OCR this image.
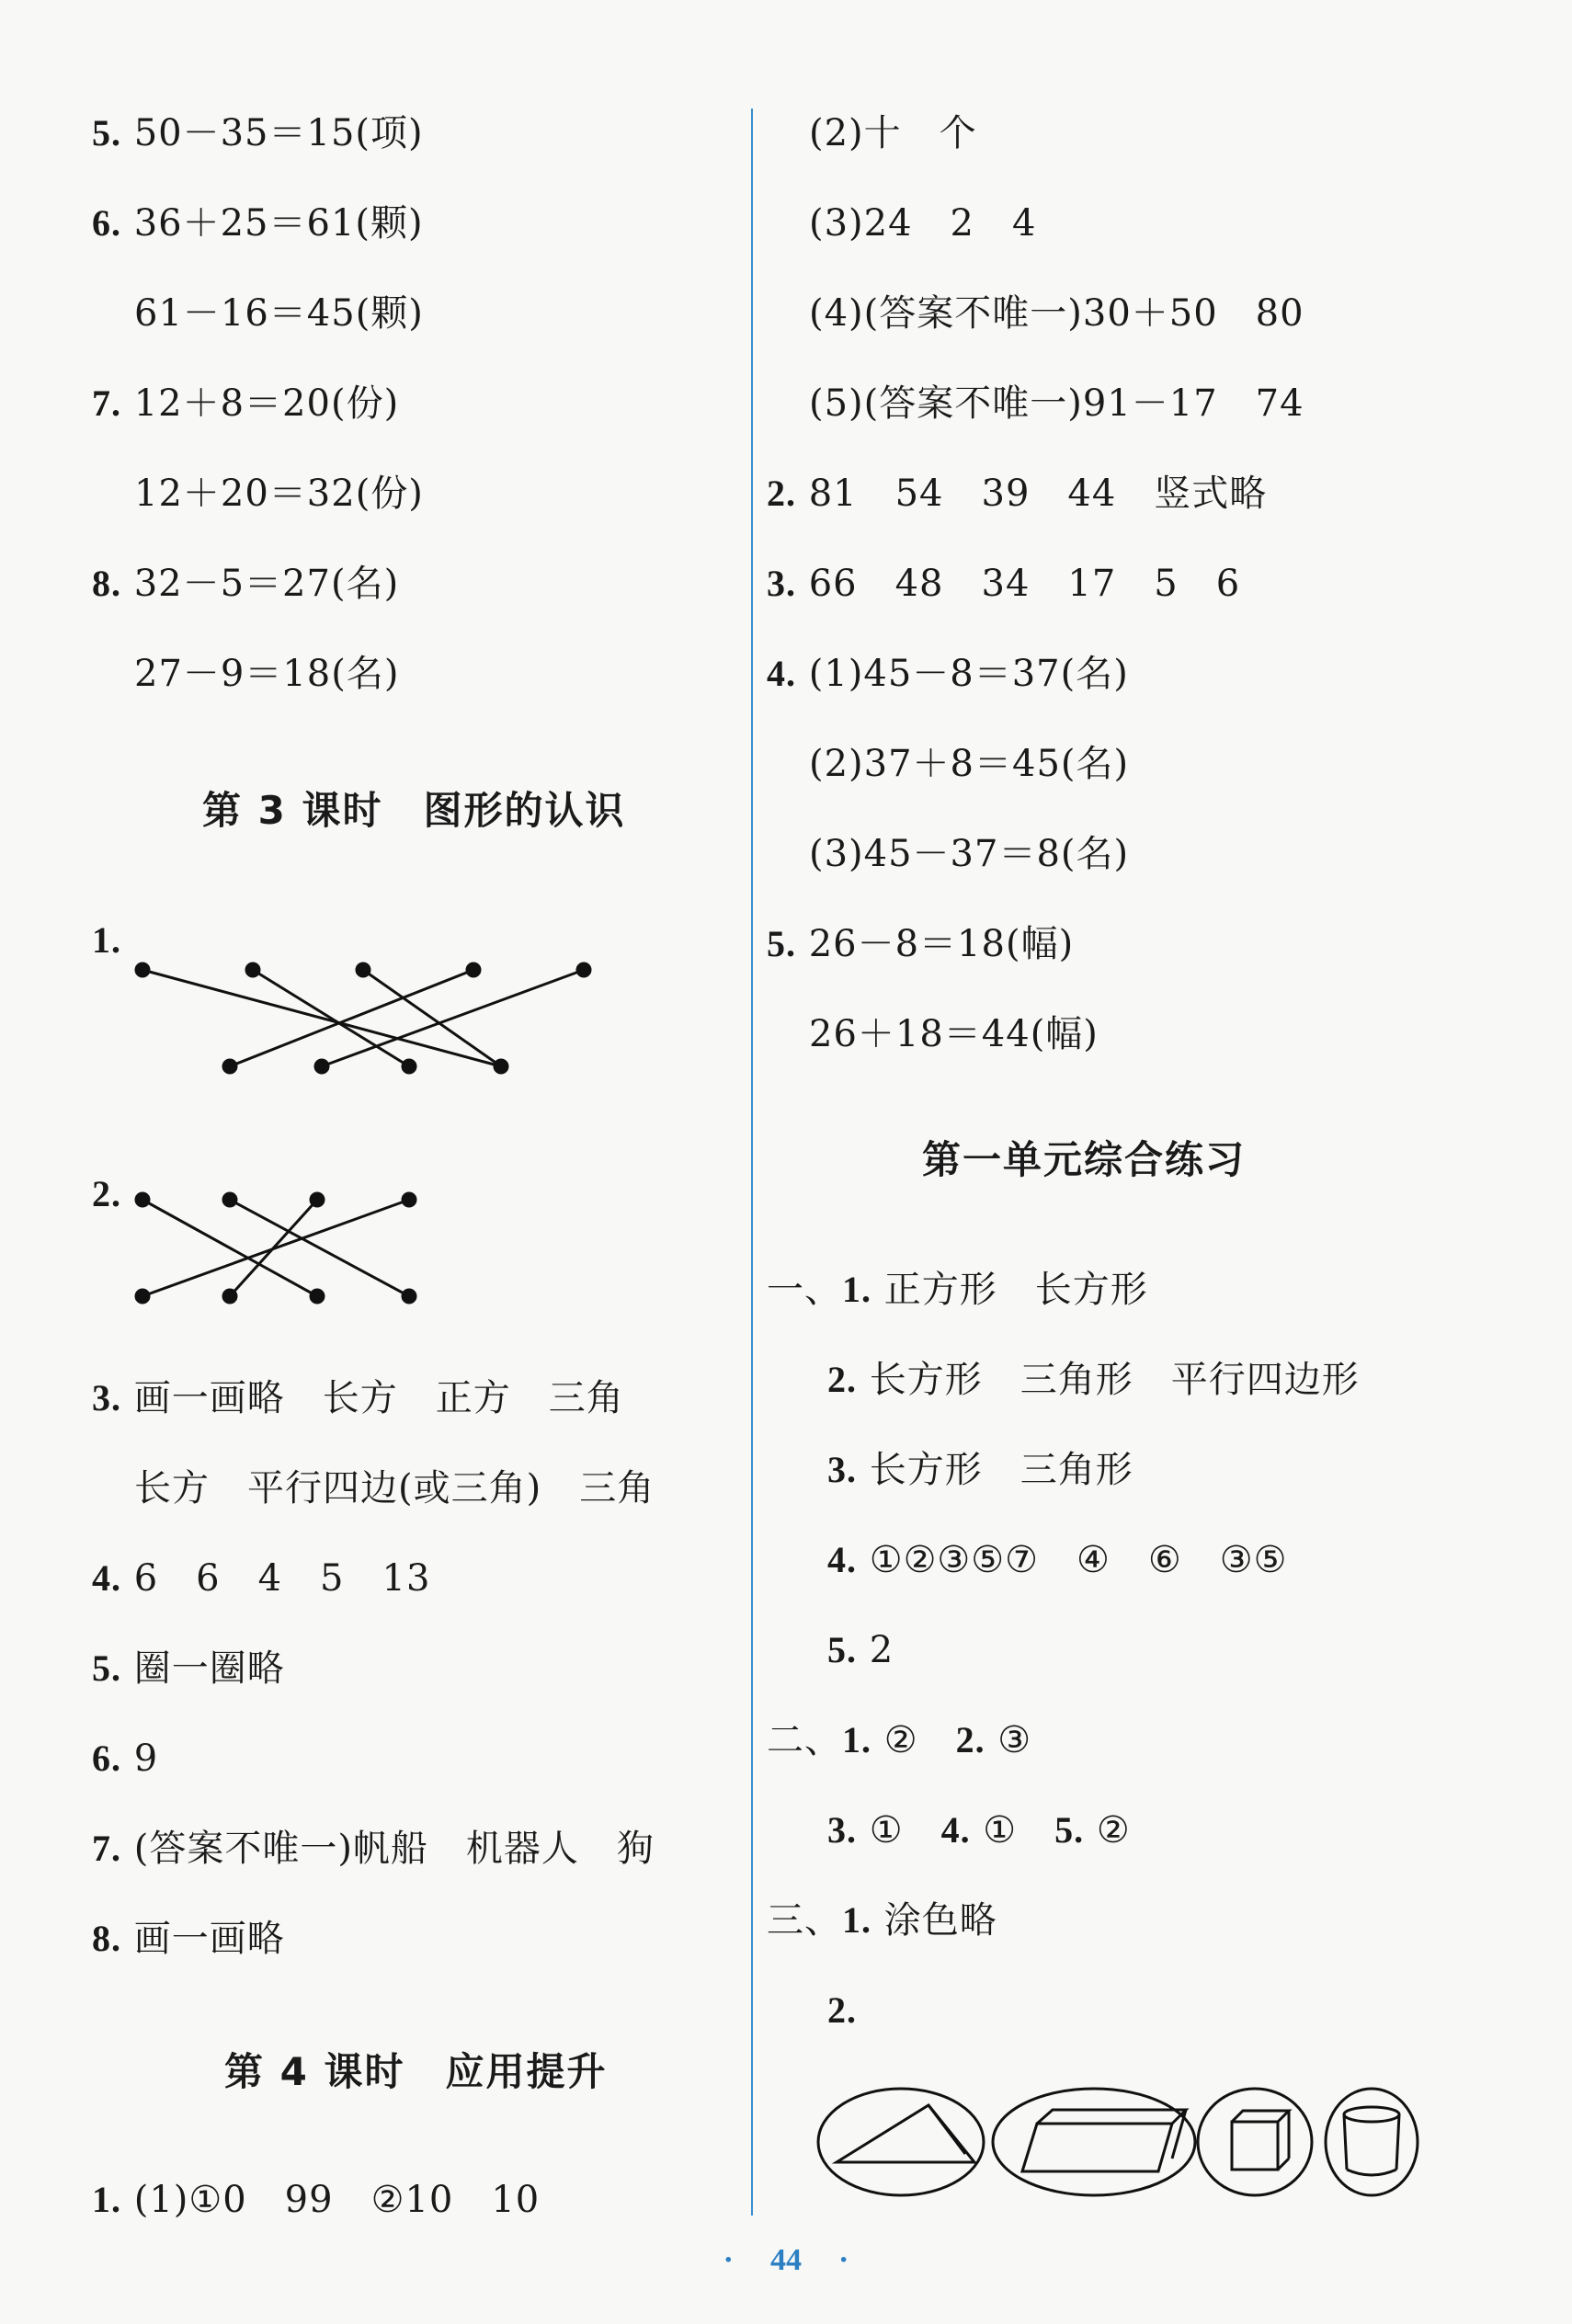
5. 50－35＝15(项)
6. 36＋25＝61(颗)
61－16＝45(颗)
7. 12＋8＝20(份)
12＋20＝32(份)
8. 32－5＝27(名)
27－9＝18(名)
第 3 课时　图形的认识
1.
2.
3. 画一画略　长方　正方　三角
长方　平行四边(或三角)　三角
4. 6　6　4　5　13
5. 圈一圈略
6. 9
7. (答案不唯一)帆船　机器人　狗
8. 画一画略
第 4 课时　应用提升
1. (1)①0　99　②10　10
(2)十　个
(3)24　2　4
(4)(答案不唯一)30＋50　80
(5)(答案不唯一)91－17　74
2. 81　54　39　44　竖式略
3. 66　48　34　17　5　6
4. (1)45－8＝37(名)
(2)37＋8＝45(名)
(3)45－37＝8(名)
5. 26－8＝18(幅)
26＋18＝44(幅)
第一单元综合练习
一、1. 正方形　长方形
2. 长方形　三角形　平行四边形
3. 长方形　三角形
4. ①②③⑤⑦　④　⑥　③⑤
5. 2
二、1. ②　2. ③
3. ①　4. ①　5. ②
三、1. 涂色略
2.
· 44 ·
